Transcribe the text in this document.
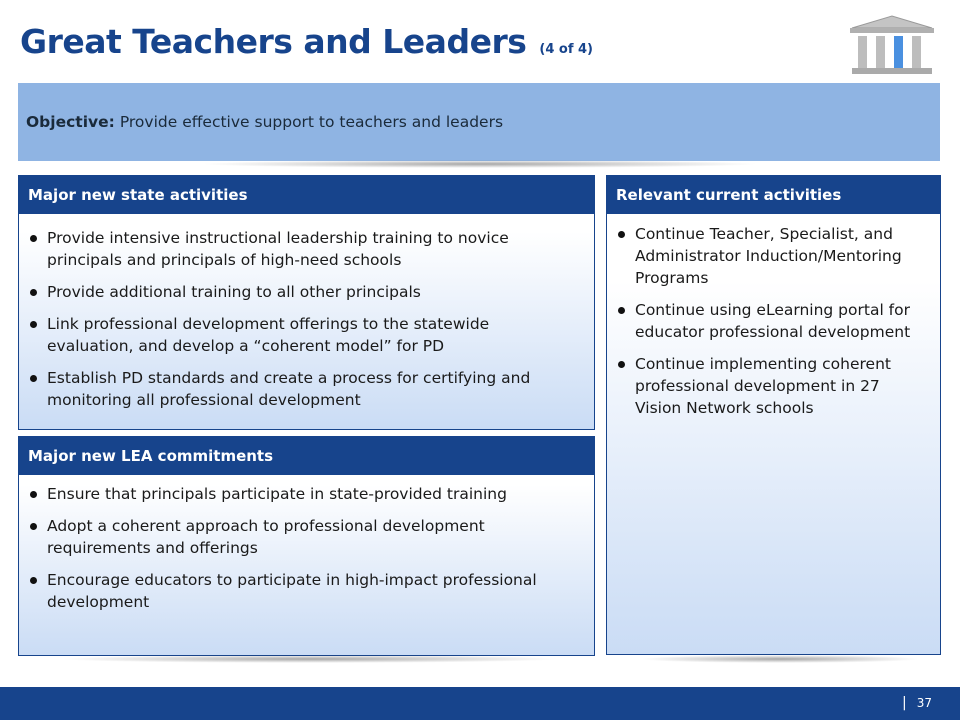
Great Teachers and Leaders (4 of 4)
Objective: Provide effective support to teachers and leaders
Major new state activities
Provide intensive instructional leadership training to novice principals and principals of high-need schools
Provide additional training to all other principals
Link professional development offerings to the statewide evaluation, and develop a “coherent model” for PD
Establish PD standards and create a process for certifying and monitoring all professional development
Major new LEA commitments
Ensure that principals participate in state-provided training
Adopt a coherent approach to professional development requirements and offerings
Encourage educators to participate in high-impact professional development
Relevant current activities
Continue Teacher, Specialist, and Administrator Induction/Mentoring Programs
Continue using eLearning portal for educator professional development
Continue implementing coherent professional development in 27 Vision Network schools
| 37
